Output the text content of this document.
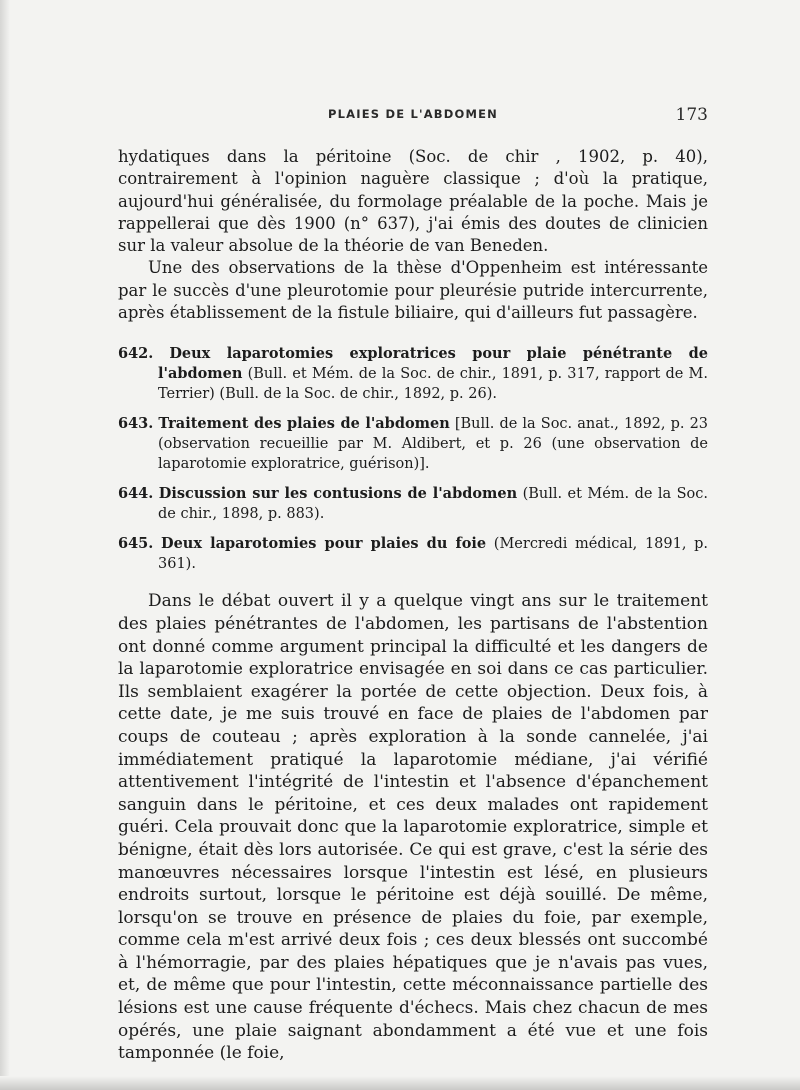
PLAIES DE L'ABDOMEN	173

hydatiques dans la péritoine (Soc. de chir , 1902, p. 40), contrairement à l'opinion naguère classique ; d'où la pratique, aujourd'hui généralisée, du formolage préalable de la poche. Mais je rappellerai que dès 1900 (n° 637), j'ai émis des doutes de clinicien sur la valeur absolue de la théorie de van Beneden.

Une des observations de la thèse d'Oppenheim est intéressante par le succès d'une pleurotomie pour pleurésie putride intercurrente, après établissement de la fistule biliaire, qui d'ailleurs fut passagère.

642. Deux laparotomies exploratrices pour plaie pénétrante de l'abdomen (Bull. et Mém. de la Soc. de chir., 1891, p. 317, rapport de M. Terrier) (Bull. de la Soc. de chir., 1892, p. 26).

643. Traitement des plaies de l'abdomen [Bull. de la Soc. anat., 1892, p. 23 (observation recueillie par M. Aldibert, et p. 26 (une observation de laparotomie exploratrice, guérison)].

644. Discussion sur les contusions de l'abdomen (Bull. et Mém. de la Soc. de chir., 1898, p. 883).

645. Deux laparotomies pour plaies du foie (Mercredi médical, 1891, p. 361).

Dans le débat ouvert il y a quelque vingt ans sur le traitement des plaies pénétrantes de l'abdomen, les partisans de l'abstention ont donné comme argument principal la difficulté et les dangers de la laparotomie exploratrice envisagée en soi dans ce cas particulier. Ils semblaient exagérer la portée de cette objection. Deux fois, à cette date, je me suis trouvé en face de plaies de l'abdomen par coups de couteau ; après exploration à la sonde cannelée, j'ai immédiatement pratiqué la laparotomie médiane, j'ai vérifié attentivement l'intégrité de l'intestin et l'absence d'épanchement sanguin dans le péritoine, et ces deux malades ont rapidement guéri. Cela prouvait donc que la laparotomie exploratrice, simple et bénigne, était dès lors autorisée. Ce qui est grave, c'est la série des manœuvres nécessaires lorsque l'intestin est lésé, en plusieurs endroits surtout, lorsque le péritoine est déjà souillé. De même, lorsqu'on se trouve en présence de plaies du foie, par exemple, comme cela m'est arrivé deux fois ; ces deux blessés ont succombé à l'hémorragie, par des plaies hépatiques que je n'avais pas vues, et, de même que pour l'intestin, cette méconnaissance partielle des lésions est une cause fréquente d'échecs. Mais chez chacun de mes opérés, une plaie saignant abondamment a été vue et une fois tamponnée (le foie,
